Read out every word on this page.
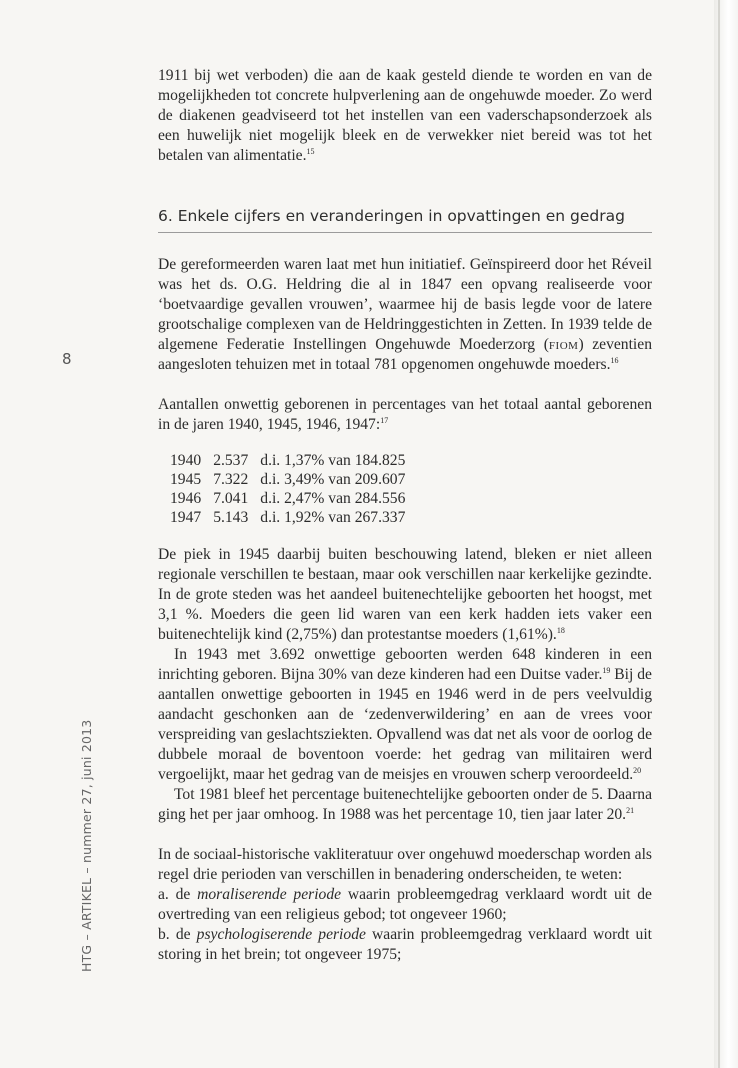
8
HTG – ARTIKEL – nummer 27, juni 2013

1911 bij wet verboden) die aan de kaak gesteld diende te worden en van de mogelijkheden tot concrete hulpverlening aan de ongehuwde moeder. Zo werd de diakenen geadviseerd tot het instellen van een vaderschapsonderzoek als een huwelijk niet mogelijk bleek en de verwekker niet bereid was tot het betalen van alimentatie.$^{15}$

6. Enkele cijfers en veranderingen in opvattingen en gedrag

De gereformeerden waren laat met hun initiatief. Geïnspireerd door het Réveil was het ds. O.G. Heldring die al in 1847 een opvang realiseerde voor ‘boetvaardige gevallen vrouwen’, waarmee hij de basis legde voor de latere grootschalige complexen van de Heldringgestichten in Zetten. In 1939 telde de algemene Federatie Instellingen Ongehuwde Moederzorg (fiom) zeventien aangesloten tehuizen met in totaal 781 opgenomen ongehuwde moeders.$^{16}$

Aantallen onwettig geborenen in percentages van het totaal aantal geborenen in de jaren 1940, 1945, 1946, 1947:$^{17}$

1940	2.537	d.i. 1,37% van 184.825
1945	7.322	d.i. 3,49% van 209.607
1946	7.041	d.i. 2,47% van 284.556
1947	5.143	d.i. 1,92% van 267.337

De piek in 1945 daarbij buiten beschouwing latend, bleken er niet alleen regionale verschillen te bestaan, maar ook verschillen naar kerkelijke gezindte. In de grote steden was het aandeel buitenechtelijke geboorten het hoogst, met 3,1 %. Moeders die geen lid waren van een kerk hadden iets vaker een buitenechtelijk kind (2,75%) dan protestantse moeders (1,61%).$^{18}$

In 1943 met 3.692 onwettige geboorten werden 648 kinderen in een inrichting geboren. Bijna 30% van deze kinderen had een Duitse vader.$^{19}$ Bij de aantallen onwettige geboorten in 1945 en 1946 werd in de pers veelvuldig aandacht geschonken aan de ‘zedenverwildering’ en aan de vrees voor verspreiding van geslachtsziekten. Opvallend was dat net als voor de oorlog de dubbele moraal de boventoon voerde: het gedrag van militairen werd vergoelijkt, maar het gedrag van de meisjes en vrouwen scherp veroordeeld.$^{20}$

Tot 1981 bleef het percentage buitenechtelijke geboorten onder de 5. Daarna ging het per jaar omhoog. In 1988 was het percentage 10, tien jaar later 20.21

In de sociaal-historische vakliteratuur over ongehuwd moederschap worden als regel drie perioden van verschillen in benadering onderscheiden, te weten:

a. de moraliserende periode waarin probleemgedrag verklaard wordt uit de overtreding van een religieus gebod; tot ongeveer 1960;

b. de psychologiserende periode waarin probleemgedrag verklaard wordt uit storing in het brein; tot ongeveer 1975;
